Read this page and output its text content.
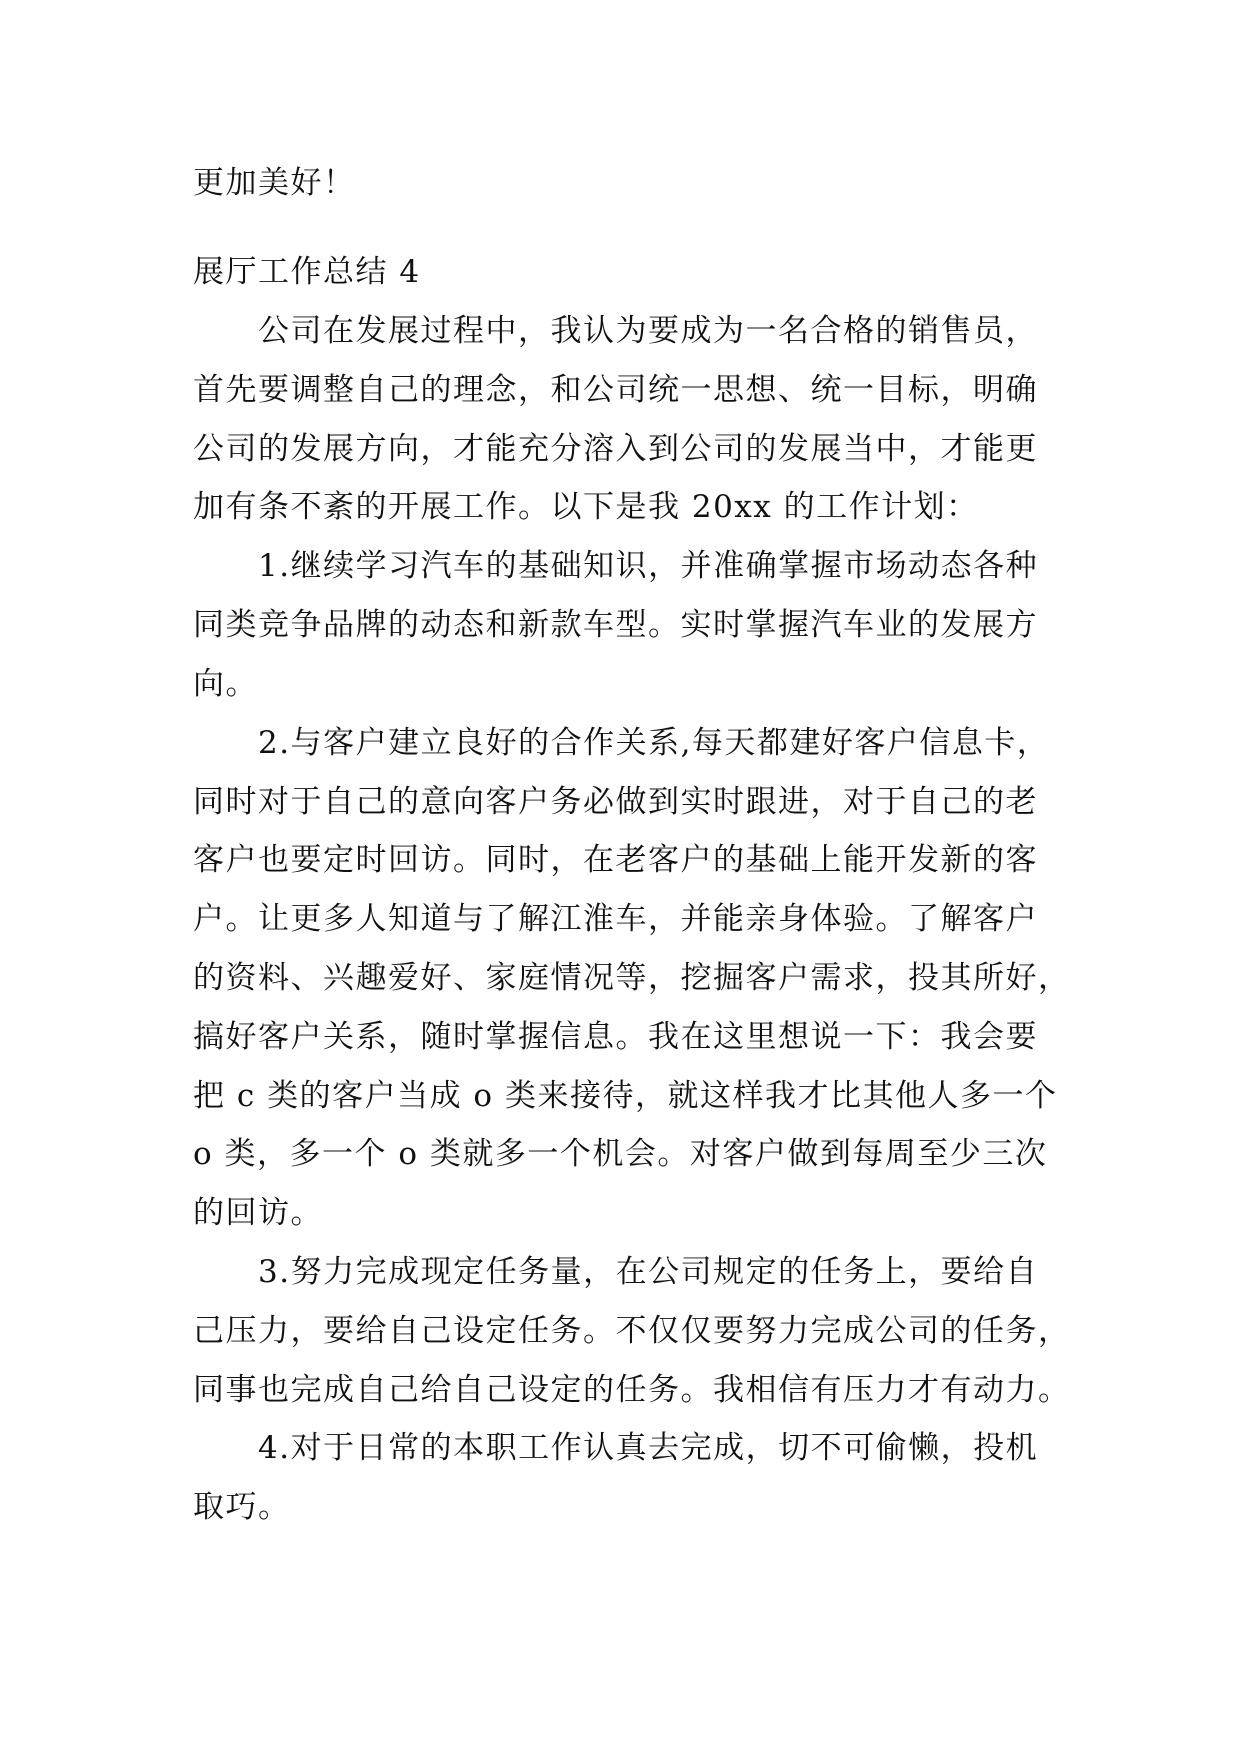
更加美好！
展厅工作总结 4
公司在发展过程中，我认为要成为一名合格的销售员，
首先要调整自己的理念，和公司统一思想、统一目标，明确
公司的发展方向，才能充分溶入到公司的发展当中，才能更
加有条不紊的开展工作。以下是我 20xx 的工作计划：
1.继续学习汽车的基础知识，并准确掌握市场动态各种
同类竞争品牌的动态和新款车型。实时掌握汽车业的发展方
向。
2.与客户建立良好的合作关系,每天都建好客户信息卡，
同时对于自己的意向客户务必做到实时跟进，对于自己的老
客户也要定时回访。同时，在老客户的基础上能开发新的客
户。让更多人知道与了解江淮车，并能亲身体验。了解客户
的资料、兴趣爱好、家庭情况等，挖掘客户需求，投其所好，
搞好客户关系，随时掌握信息。我在这里想说一下：我会要
把 c 类的客户当成 o 类来接待，就这样我才比其他人多一个
o 类，多一个 o 类就多一个机会。对客户做到每周至少三次
的回访。
3.努力完成现定任务量，在公司规定的任务上，要给自
己压力，要给自己设定任务。不仅仅要努力完成公司的任务，
同事也完成自己给自己设定的任务。我相信有压力才有动力。
4.对于日常的本职工作认真去完成，切不可偷懒，投机
取巧。
